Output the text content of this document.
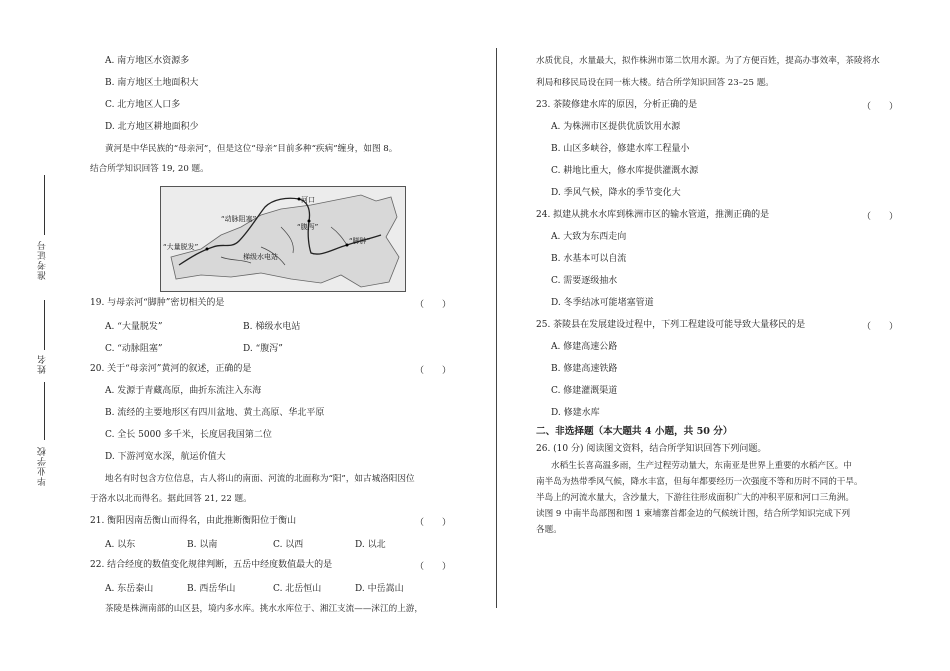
准考证号
姓名
毕业学校
A. 南方地区水资源多
B. 南方地区土地面积大
C. 北方地区人口多
D. 北方地区耕地面积少
黄河是中华民族的“母亲河”，但是这位“母亲”目前多种“疾病”缠身，如图 8。
结合所学知识回答 19, 20 题。
河口
“动脉阻塞”
“腹泻”
“大量脱发”
“脚肿”
梯级水电站
19. 与母亲河“脚肿”密切相关的是	（　　）
A. “大量脱发”	B. 梯级水电站
C. “动脉阻塞”	D. “腹泻”
20. 关于“母亲河”黄河的叙述，正确的是	（　　）
A. 发源于青藏高原，曲折东流注入东海
B. 流经的主要地形区有四川盆地、黄土高原、华北平原
C. 全长 5000 多千米，长度居我国第二位
D. 下游河宽水深，航运价值大
地名有时包含方位信息，古人将山的南面、河流的北面称为“阳”，如古城洛阳因位
于洛水以北而得名。据此回答 21, 22 题。
21. 衡阳因南岳衡山而得名，由此推断衡阳位于衡山	（　　）
A. 以东	B. 以南	C. 以西	D. 以北
22. 结合经度的数值变化规律判断，五岳中经度数值最大的是	（　　）
A. 东岳泰山	B. 西岳华山	C. 北岳恒山	D. 中岳嵩山
茶陵是株洲南部的山区县，境内多水库。挑水水库位于、湘江支流——洣江的上游，
水质优良，水量最大，拟作株洲市第二饮用水源。为了方便百姓，提高办事效率，茶陵将水
利局和移民局设在同一栋大楼。结合所学知识回答 23–25 题。
23. 茶陵修建水库的原因，分析正确的是	（　　）
A. 为株洲市区提供优质饮用水源
B. 山区多峡谷，修建水库工程量小
C. 耕地比重大，修水库提供灌溉水源
D. 季风气候，降水的季节变化大
24. 拟建从挑水水库到株洲市区的输水管道，推测正确的是	（　　）
A. 大致为东西走向
B. 水基本可以自流
C. 需要逐级抽水
D. 冬季结冰可能堵塞管道
25. 茶陵县在发展建设过程中，下列工程建设可能导致大量移民的是	（　　）
A. 修建高速公路
B. 修建高速铁路
C. 修建灌溉渠道
D. 修建水库
二、非选择题（本大题共 4 小题，共 50 分）
26. (10 分) 阅读图文资料，结合所学知识回答下列问题。
水稻生长喜高温多雨，生产过程劳动量大，东南亚是世界上重要的水稻产区。中
南半岛为热带季风气候，降水丰富，但每年都要经历一次强度不等和历时不同的干旱。
半岛上的河流水量大，含沙量大，下游往往形成面积广大的冲积平原和河口三角洲。
读图 9 中南半岛部图和图 1 柬埔寨首都金边的气候统计图，结合所学知识完成下列
各题。
